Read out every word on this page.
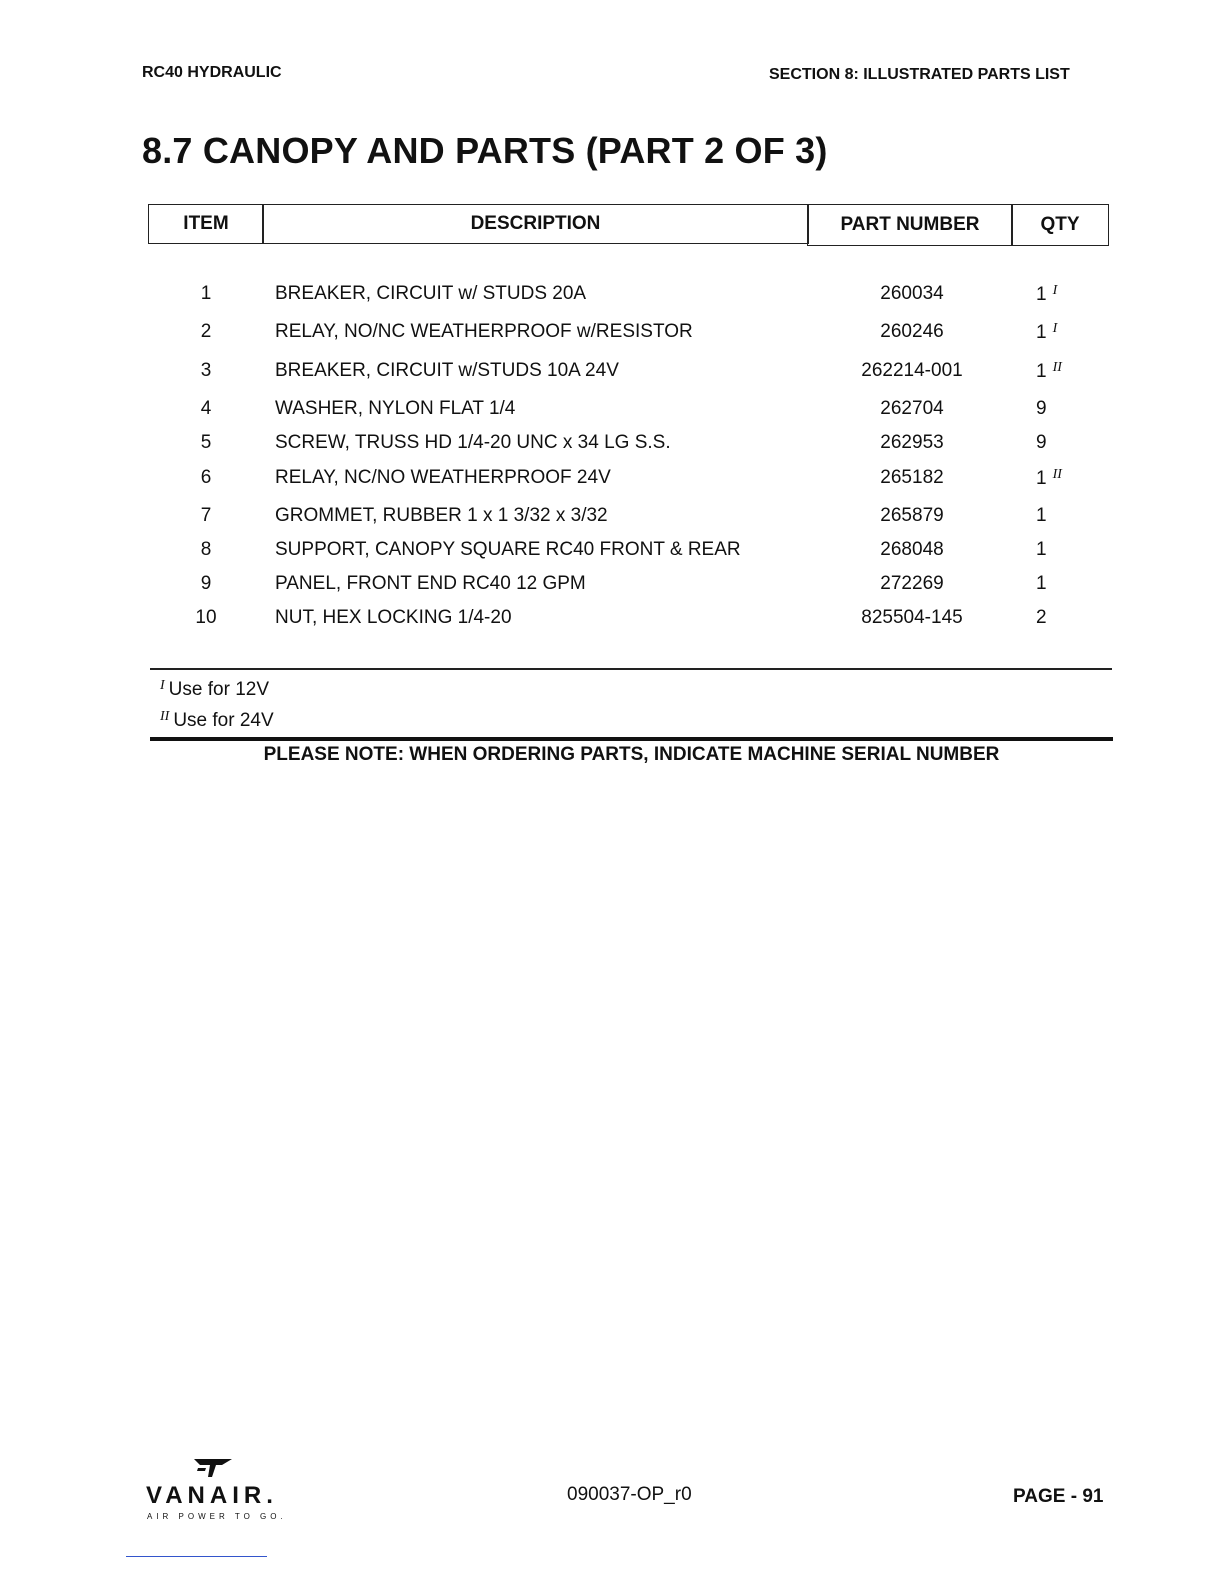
RC40 HYDRAULIC	SECTION 8: ILLUSTRATED PARTS LIST
8.7 CANOPY AND PARTS (PART 2 OF 3)
ITEM	DESCRIPTION	PART NUMBER	QTY
1	BREAKER, CIRCUIT w/ STUDS 20A	260034	1 $^I$
2	RELAY, NO/NC WEATHERPROOF w/RESISTOR	260246	1 $^I$
3	BREAKER, CIRCUIT w/STUDS 10A 24V	262214-001	1 $^{II}$
4	WASHER, NYLON FLAT 1/4	262704	9
5	SCREW, TRUSS HD 1/4-20 UNC x 34 LG S.S.	262953	9
6	RELAY, NC/NO WEATHERPROOF 24V	265182	1 $^{II}$
7	GROMMET, RUBBER 1 x 1 3/32 x 3/32	265879	1
8	SUPPORT, CANOPY SQUARE RC40 FRONT & REAR	268048	1
9	PANEL, FRONT END RC40 12 GPM	272269	1
10	NUT, HEX LOCKING 1/4-20	825504-145	2
$^I$ Use for 12V
$^{II}$ Use for 24V
PLEASE NOTE: WHEN ORDERING PARTS, INDICATE MACHINE SERIAL NUMBER
VANAIR.
AIR POWER TO GO.
090037-OP_r0	PAGE - 91
